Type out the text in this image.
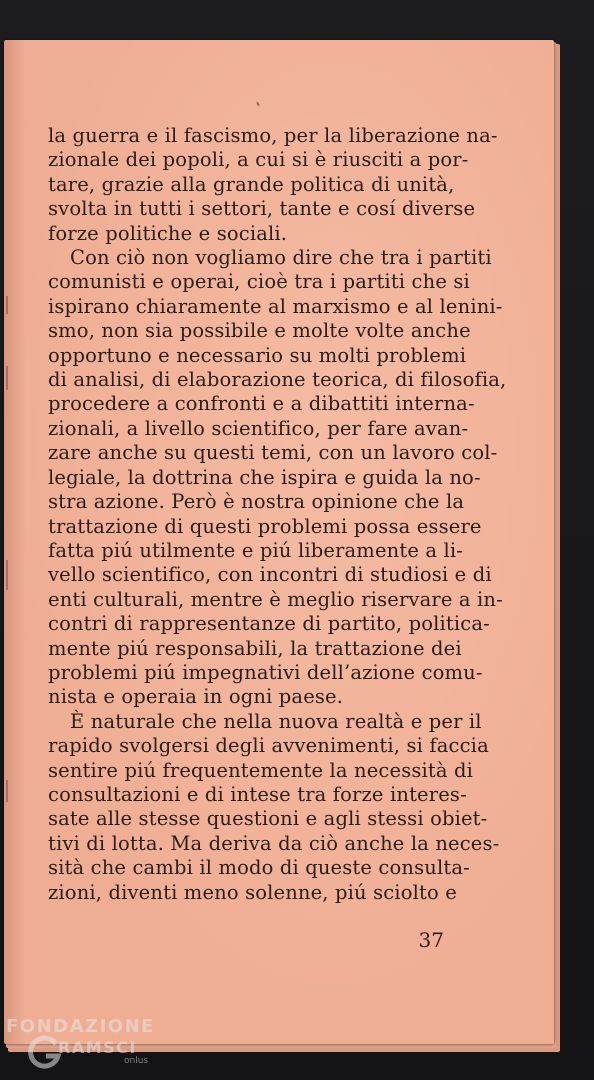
la guerra e il fascismo, per la liberazione na-
zionale dei popoli, a cui si è riusciti a por-
tare, grazie alla grande politica di unità,
svolta in tutti i settori, tante e cosí diverse
forze politiche e sociali.
Con ciò non vogliamo dire che tra i partiti
comunisti e operai, cioè tra i partiti che si
ispirano chiaramente al marxismo e al lenini-
smo, non sia possibile e molte volte anche
opportuno e necessario su molti problemi
di analisi, di elaborazione teorica, di filosofia,
procedere a confronti e a dibattiti interna-
zionali, a livello scientifico, per fare avan-
zare anche su questi temi, con un lavoro col-
legiale, la dottrina che ispira e guida la no-
stra azione. Però è nostra opinione che la
trattazione di questi problemi possa essere
fatta piú utilmente e piú liberamente a li-
vello scientifico, con incontri di studiosi e di
enti culturali, mentre è meglio riservare a in-
contri di rappresentanze di partito, politica-
mente piú responsabili, la trattazione dei
problemi piú impegnativi dell’azione comu-
nista e operaia in ogni paese.
È naturale che nella nuova realtà e per il
rapido svolgersi degli avvenimenti, si faccia
sentire piú frequentemente la necessità di
consultazioni e di intese tra forze interes-
sate alle stesse questioni e agli stessi obiet-
tivi di lotta. Ma deriva da ciò anche la neces-
sità che cambi il modo di queste consulta-
zioni, diventi meno solenne, piú sciolto e
37
FONDAZIONE
RAMSCI
onlus
